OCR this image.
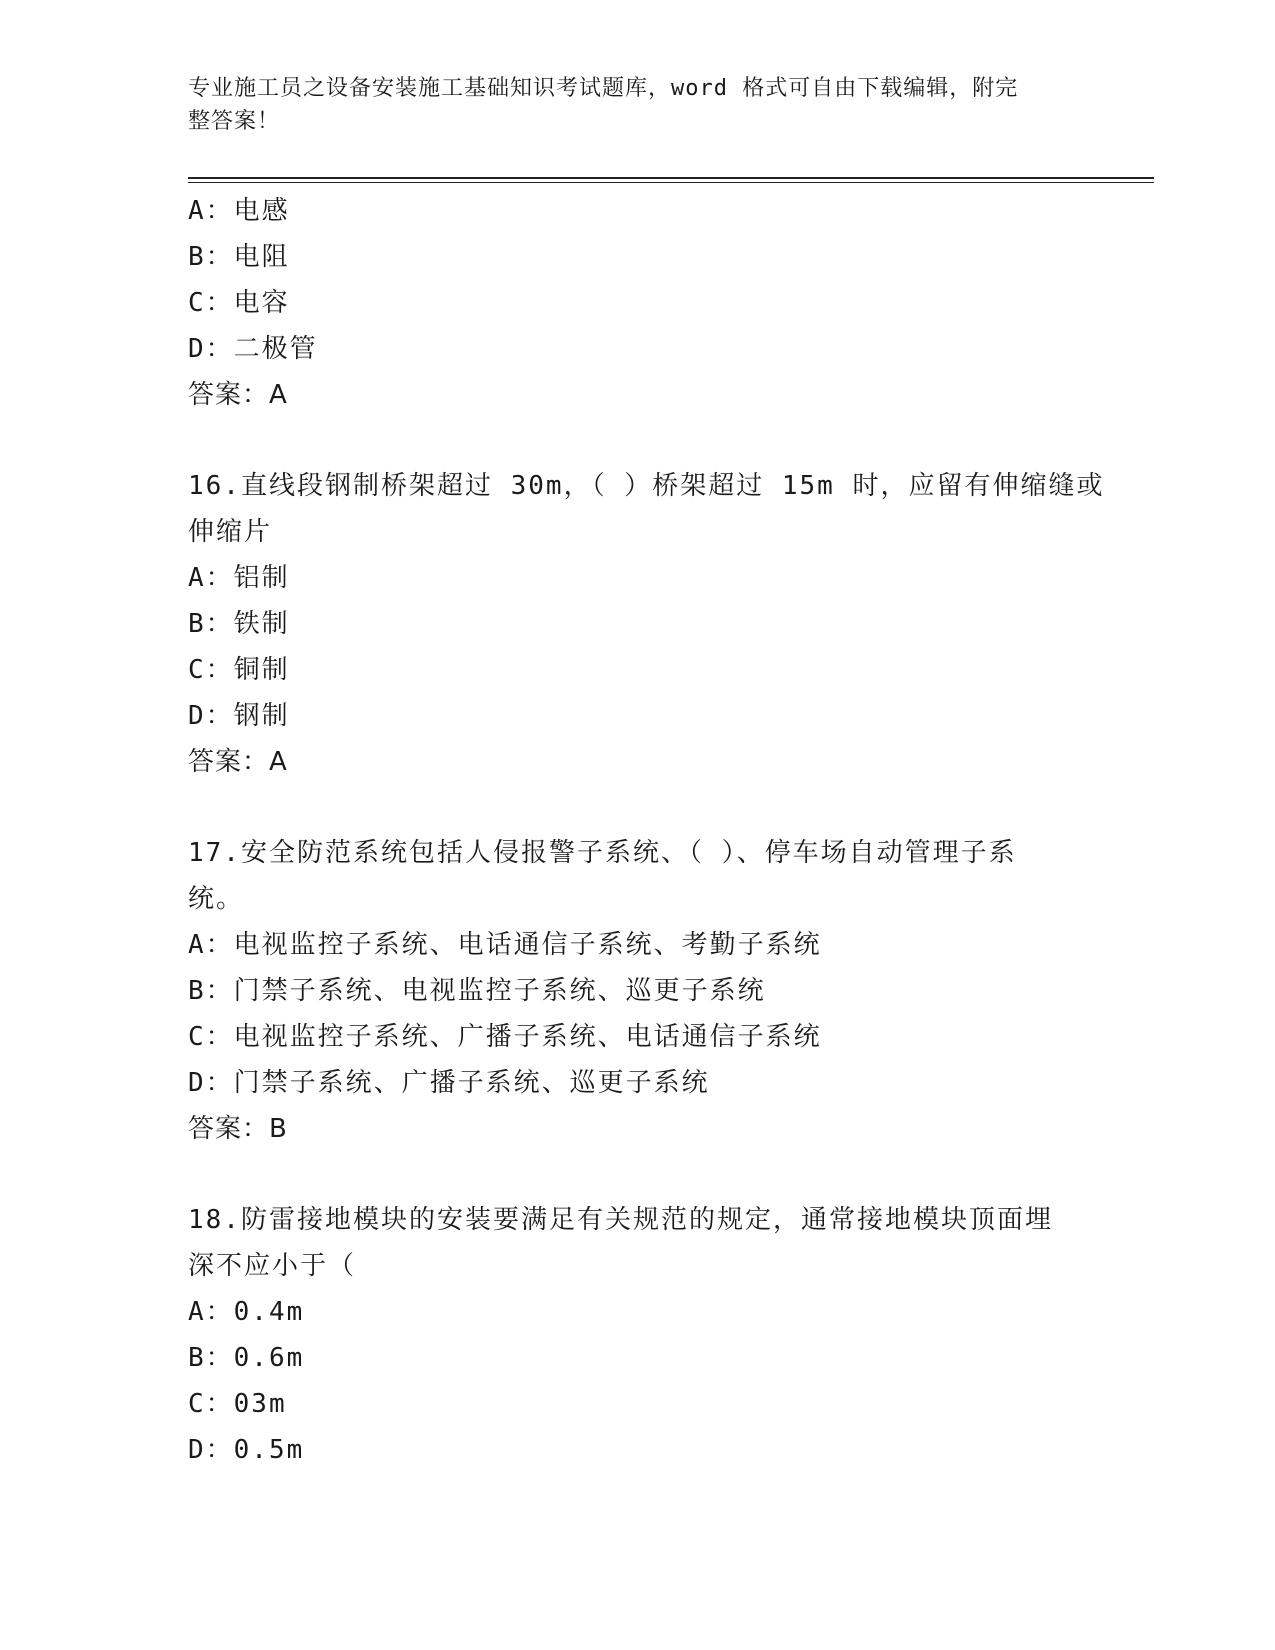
专业施工员之设备安装施工基础知识考试题库，word 格式可自由下载编辑，附完
整答案！
A：电感
B：电阻
C：电容
D：二极管
答案：A
16.直线段钢制桥架超过 30m，（ ）桥架超过 15m 时，应留有伸缩缝或
伸缩片
A：铝制
B：铁制
C：铜制
D：钢制
答案：A
17.安全防范系统包括人侵报警子系统、（ ）、停车场自动管理子系
统。
A：电视监控子系统、电话通信子系统、考勤子系统
B：门禁子系统、电视监控子系统、巡更子系统
C：电视监控子系统、广播子系统、电话通信子系统
D：门禁子系统、广播子系统、巡更子系统
答案：B
18.防雷接地模块的安装要满足有关规范的规定，通常接地模块顶面埋
深不应小于（
A：0.4m
B：0.6m
C：03m
D：0.5m
